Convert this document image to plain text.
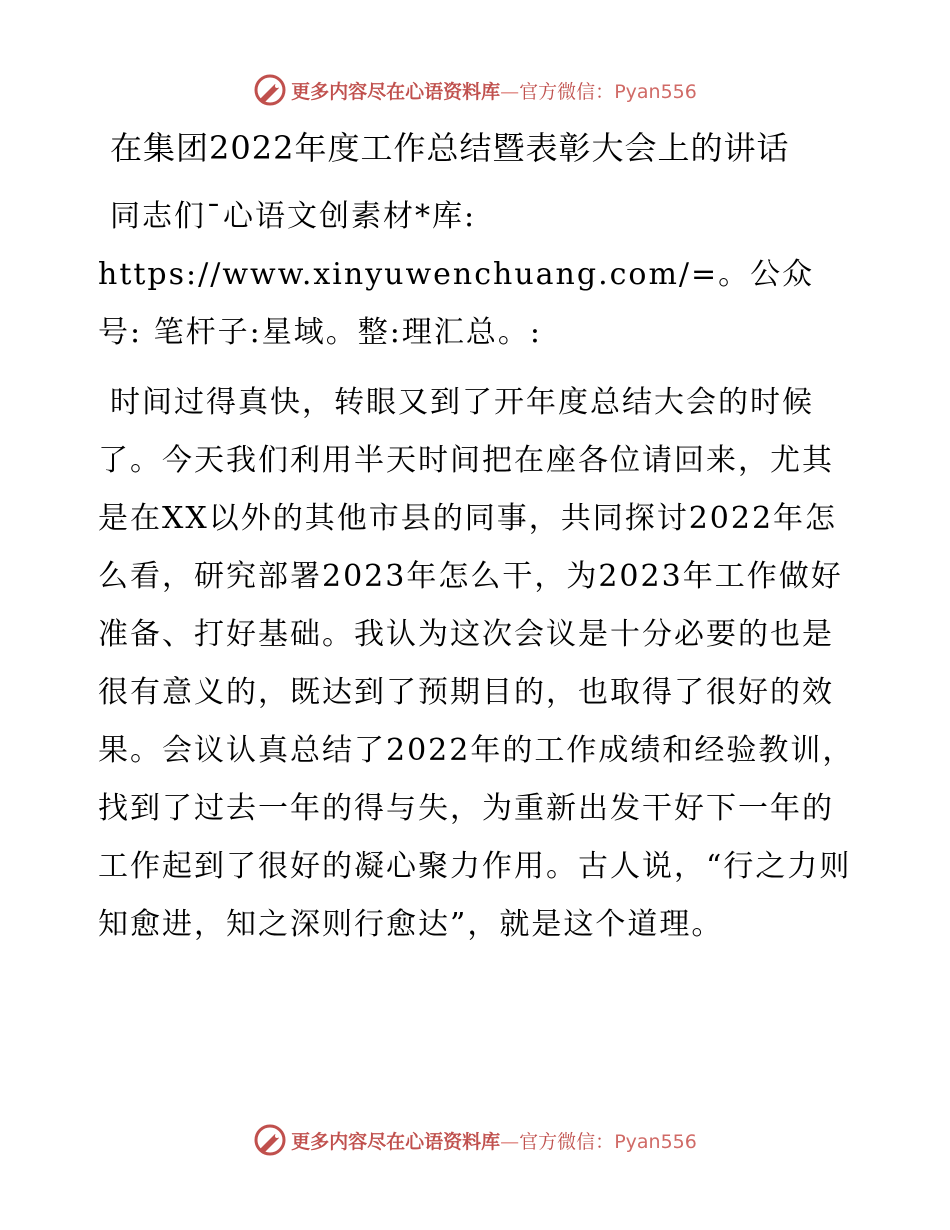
更多内容尽在心语资料库—官方微信：Pyan556
在集团2022年度工作总结暨表彰大会上的讲话

同志们¯心语文创素材*库: https://www.xinyuwenchuang.com/=。公众号: 笔杆子:星域。整:理汇总。:

时间过得真快，转眼又到了开年度总结大会的时候了。今天我们利用半天时间把在座各位请回来，尤其是在XX以外的其他市县的同事，共同探讨2022年怎么看，研究部署2023年怎么干，为2023年工作做好准备、打好基础。我认为这次会议是十分必要的也是很有意义的，既达到了预期目的，也取得了很好的效果。会议认真总结了2022年的工作成绩和经验教训，找到了过去一年的得与失，为重新出发干好下一年的工作起到了很好的凝心聚力作用。古人说，“行之力则知愈进，知之深则行愈达”，就是这个道理。

更多内容尽在心语资料库—官方微信：Pyan556
